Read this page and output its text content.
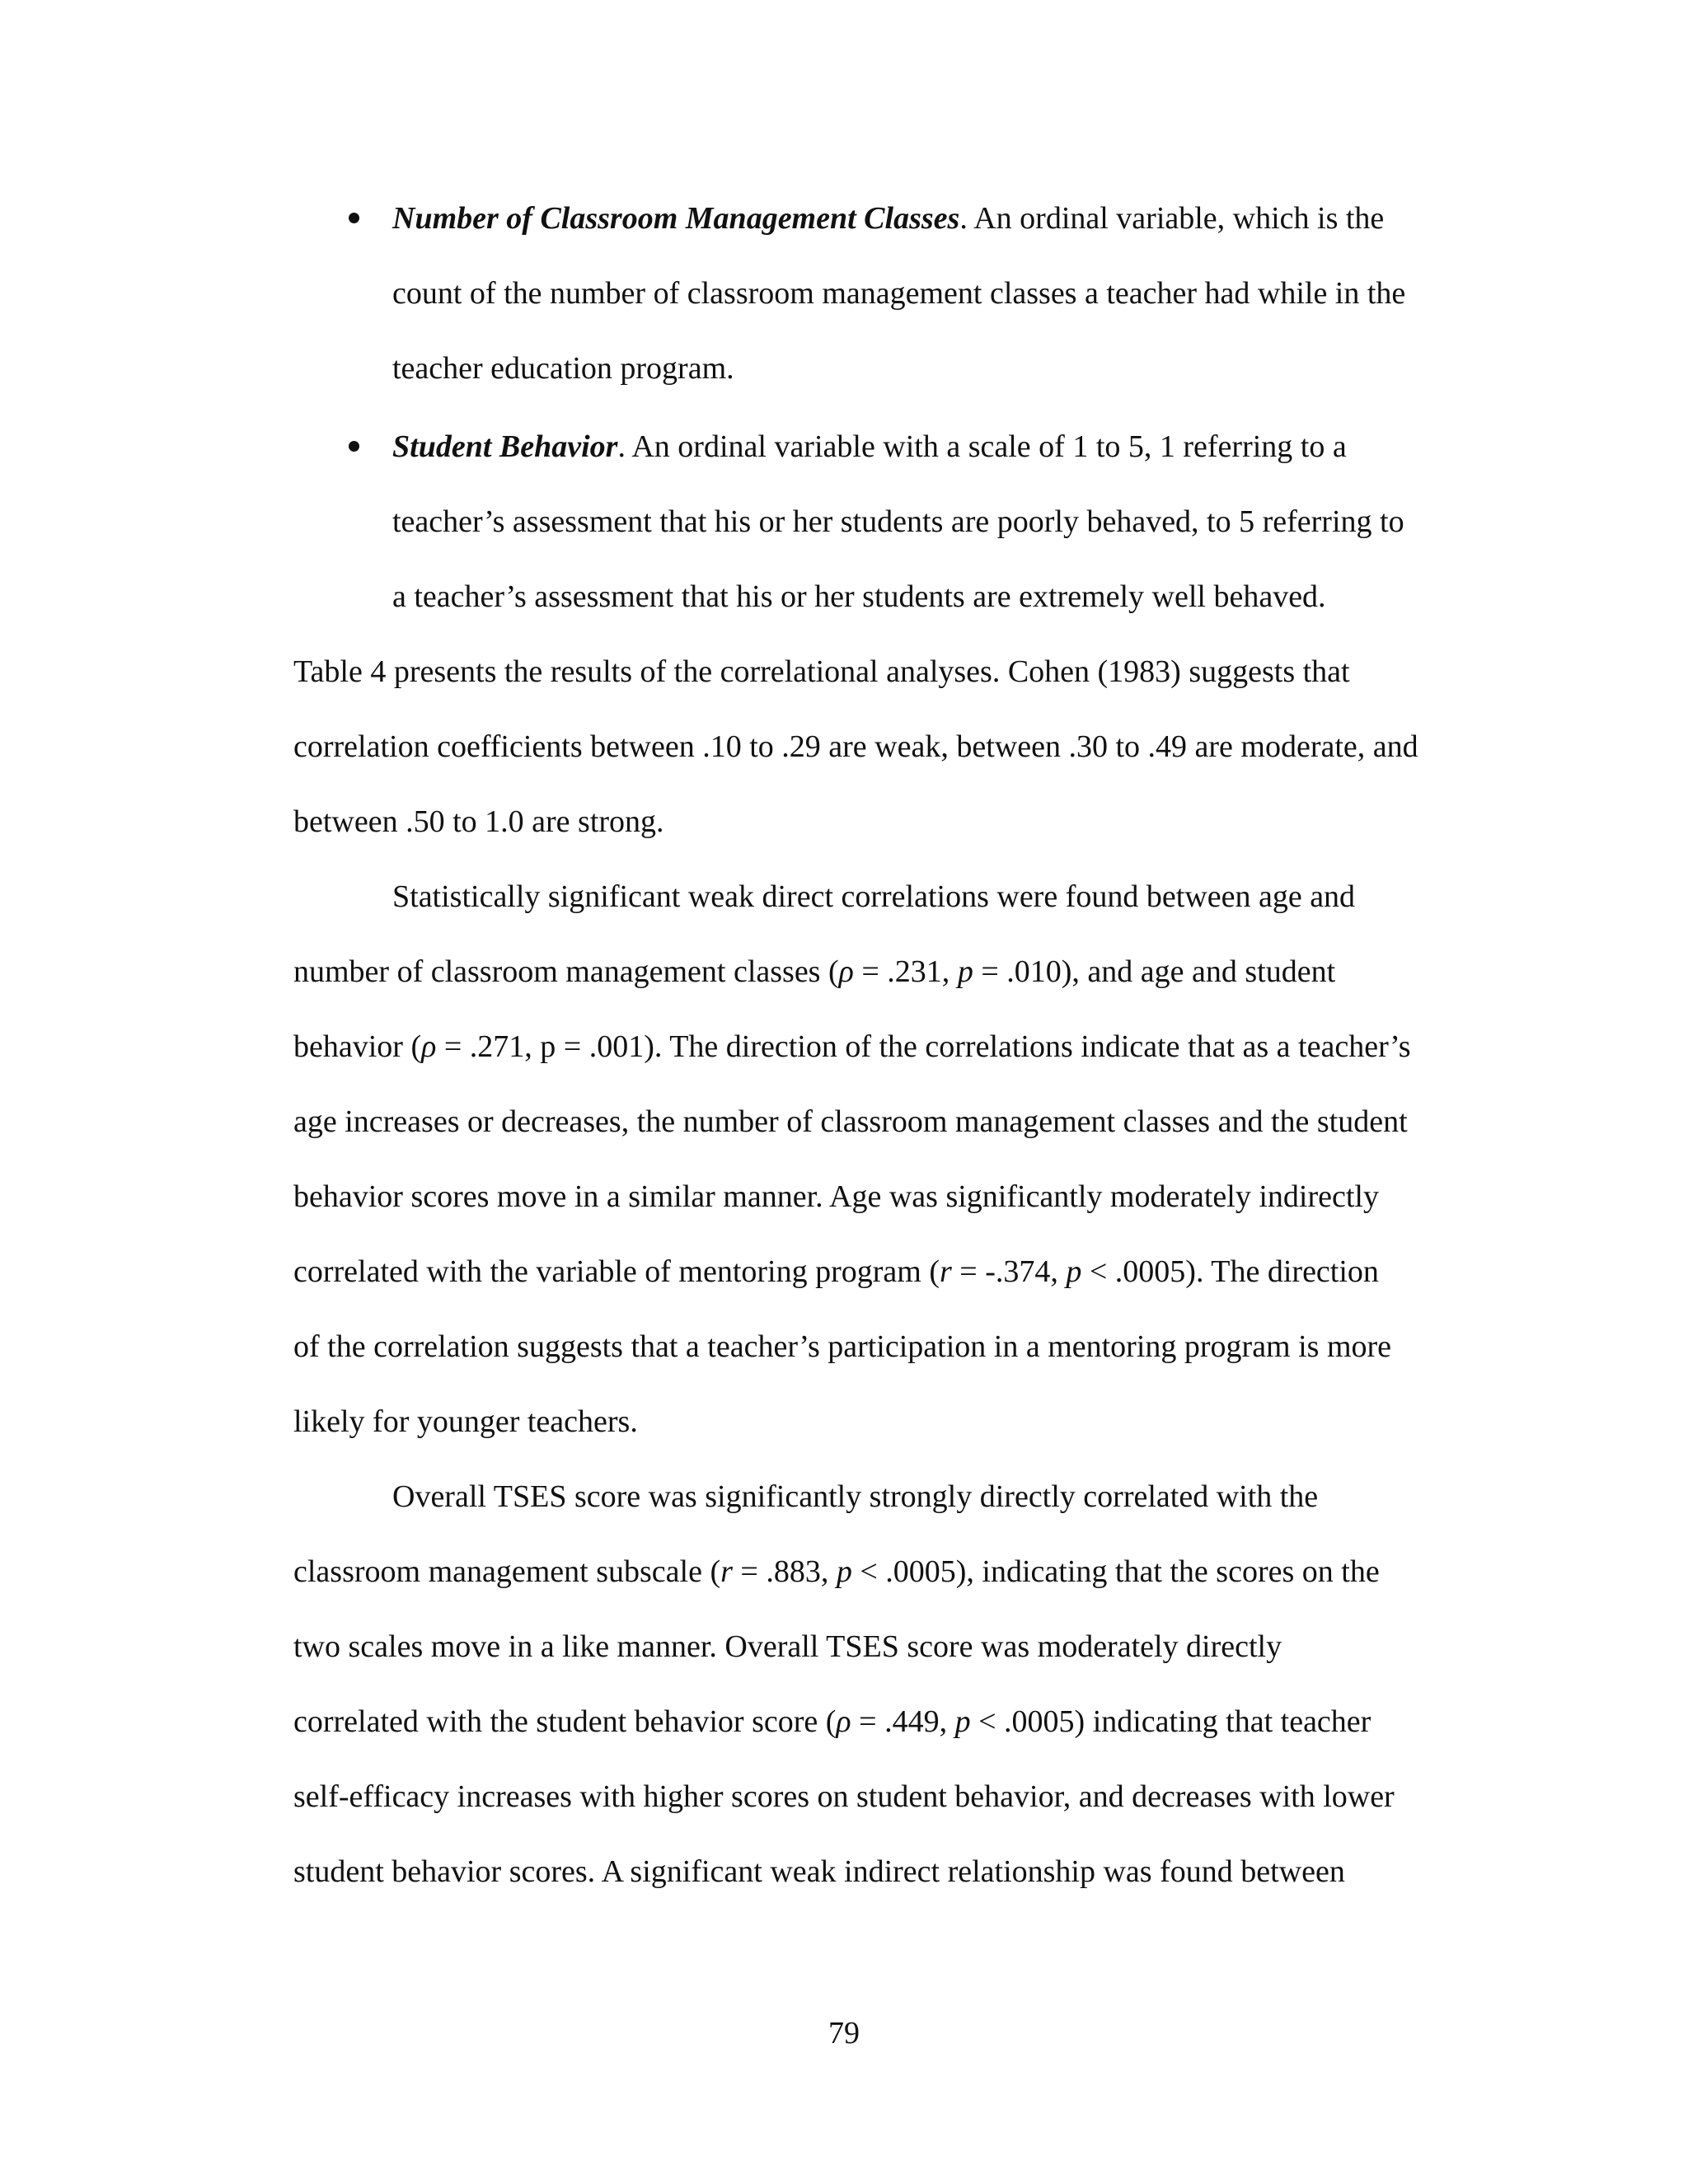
Number of Classroom Management Classes. An ordinal variable, which is the
count of the number of classroom management classes a teacher had while in the
teacher education program.
Student Behavior. An ordinal variable with a scale of 1 to 5, 1 referring to a
teacher’s assessment that his or her students are poorly behaved, to 5 referring to
a teacher’s assessment that his or her students are extremely well behaved.
Table 4 presents the results of the correlational analyses. Cohen (1983) suggests that
correlation coefficients between .10 to .29 are weak, between .30 to .49 are moderate, and
between .50 to 1.0 are strong.
Statistically significant weak direct correlations were found between age and
number of classroom management classes (ρ = .231, p = .010), and age and student
behavior (ρ = .271, p = .001). The direction of the correlations indicate that as a teacher’s
age increases or decreases, the number of classroom management classes and the student
behavior scores move in a similar manner. Age was significantly moderately indirectly
correlated with the variable of mentoring program (r = -.374, p < .0005). The direction
of the correlation suggests that a teacher’s participation in a mentoring program is more
likely for younger teachers.
Overall TSES score was significantly strongly directly correlated with the
classroom management subscale (r = .883, p < .0005), indicating that the scores on the
two scales move in a like manner. Overall TSES score was moderately directly
correlated with the student behavior score (ρ = .449, p < .0005) indicating that teacher
self-efficacy increases with higher scores on student behavior, and decreases with lower
student behavior scores. A significant weak indirect relationship was found between
79
